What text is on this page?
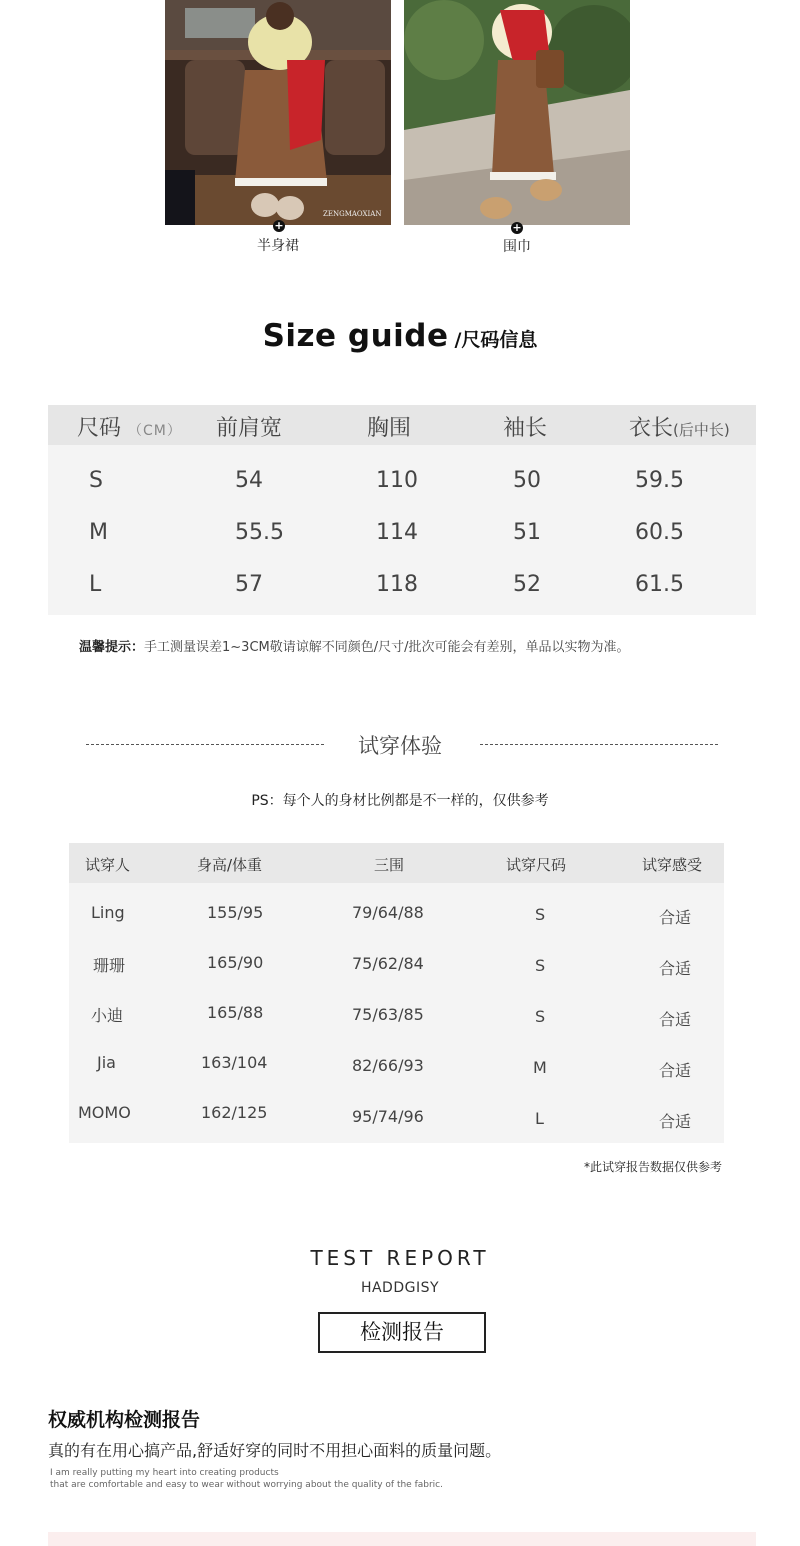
ZENGMAOXIAN
+
半身裙
+
围巾
Size guide /尺码信息
尺码 （CM） 前肩宽	胸围	袖长	衣长(后中长)
S	54	110	50	59.5
M	55.5	114	51	60.5
L	57	118	52	61.5
温馨提示：手工测量误差1~3CM敬请谅解不同颜色/尺寸/批次可能会有差别，单品以实物为准。
试穿体验
PS：每个人的身材比例都是不一样的，仅供参考
试穿人	身高/体重	三围	试穿尺码	试穿感受
Ling	155/95	79/64/88	S	合适
珊珊	165/90	75/62/84	S	合适
小迪	165/88	75/63/85	S	合适
Jia	163/104	82/66/93	M	合适
MOMO	162/125	95/74/96	L	合适
*此试穿报告数据仅供参考
TEST REPORT
HADDGISY
检测报告
权威机构检测报告
真的有在用心搞产品,舒适好穿的同时不用担心面料的质量问题。
I am really putting my heart into creating products
that are comfortable and easy to wear without worrying about the quality of the fabric.
